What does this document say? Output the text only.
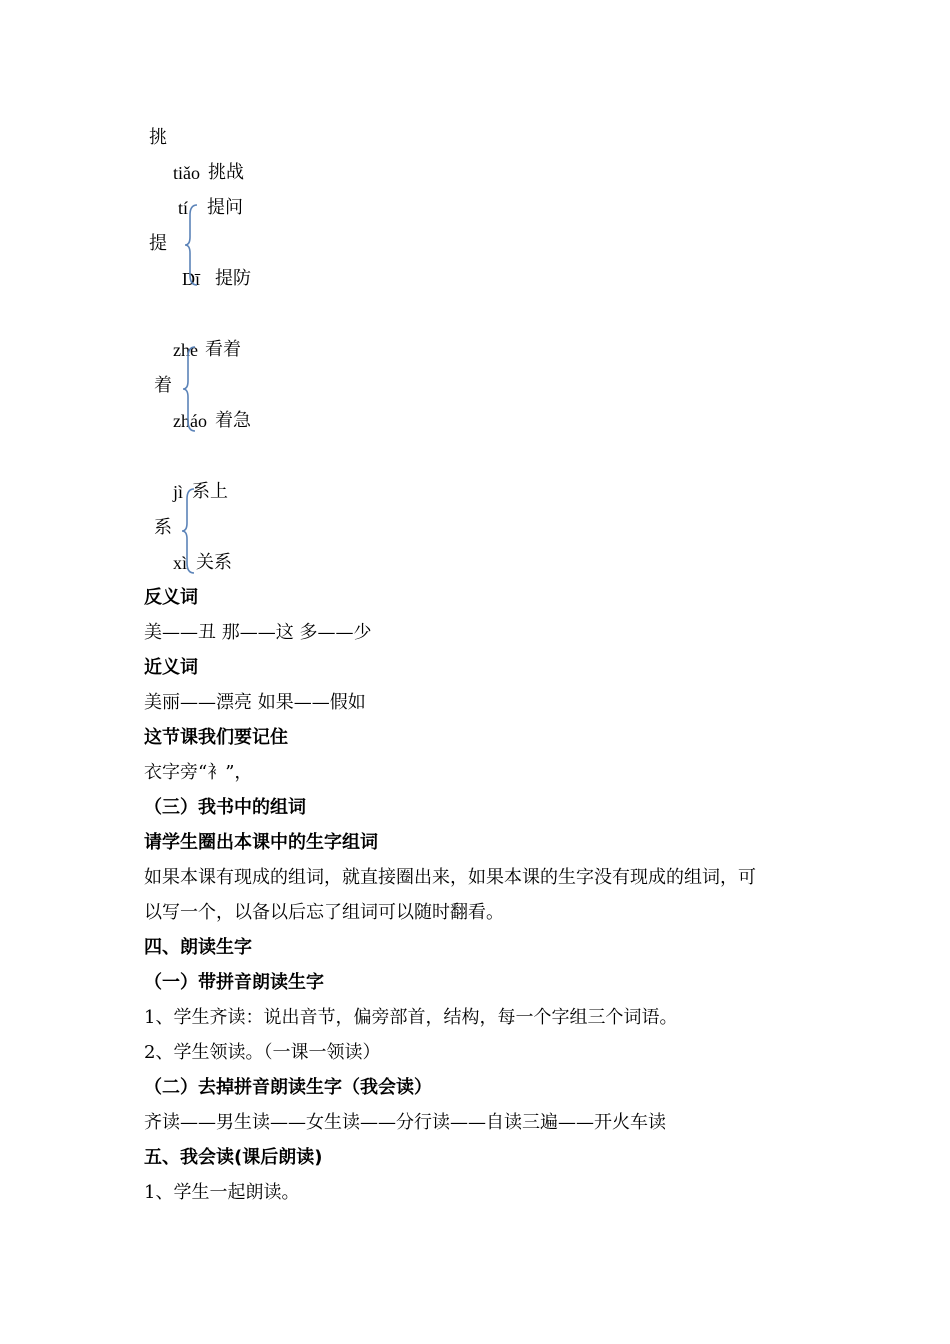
挑
tiǎo 挑战
tí 提问
提
Dī 提防
zhe 看着
着
zháo 着急
jì 系上
系
xì 关系
反义词
美——丑 那——这 多——少
近义词
美丽——漂亮 如果——假如
这节课我们要记住
衣字旁“衤”，
（三）我书中的组词
请学生圈出本课中的生字组词
如果本课有现成的组词，就直接圈出来，如果本课的生字没有现成的组词，可
以写一个，以备以后忘了组词可以随时翻看。
四、朗读生字
（一）带拼音朗读生字
1、学生齐读：说出音节，偏旁部首，结构，每一个字组三个词语。
2、学生领读。（一课一领读）
（二）去掉拼音朗读生字（我会读）
齐读——男生读——女生读——分行读——自读三遍——开火车读
五、我会读(课后朗读)
1、学生一起朗读。
